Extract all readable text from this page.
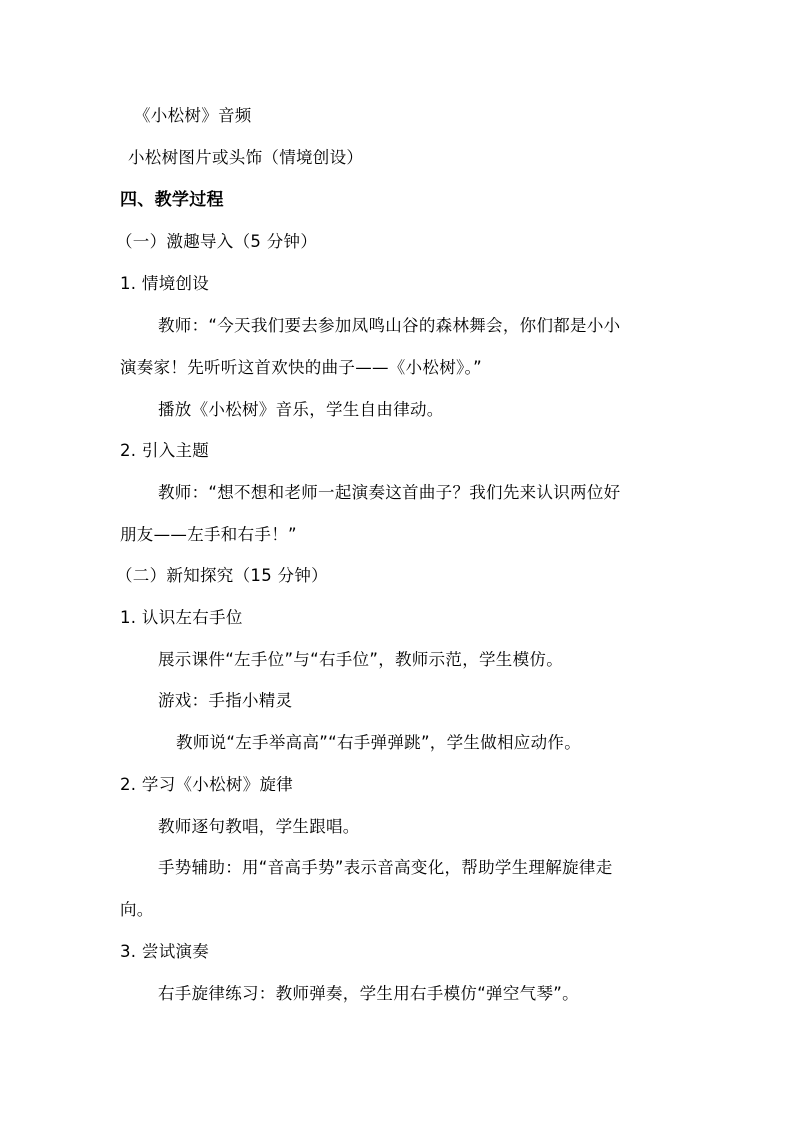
《小松树》音频
小松树图片或头饰（情境创设）
四、教学过程
（一）激趣导入（5 分钟）
1. 情境创设
教师：“今天我们要去参加凤鸣山谷的森林舞会，你们都是小小
演奏家！先听听这首欢快的曲子——《小松树》。”
播放《小松树》音乐，学生自由律动。
2. 引入主题
教师：“想不想和老师一起演奏这首曲子？我们先来认识两位好
朋友——左手和右手！”
（二）新知探究（15 分钟）
1. 认识左右手位
展示课件“左手位”与“右手位”，教师示范，学生模仿。
游戏：手指小精灵
教师说“左手举高高”“右手弹弹跳”，学生做相应动作。
2. 学习《小松树》旋律
教师逐句教唱，学生跟唱。
手势辅助：用“音高手势”表示音高变化，帮助学生理解旋律走
向。
3. 尝试演奏
右手旋律练习：教师弹奏，学生用右手模仿“弹空气琴”。
